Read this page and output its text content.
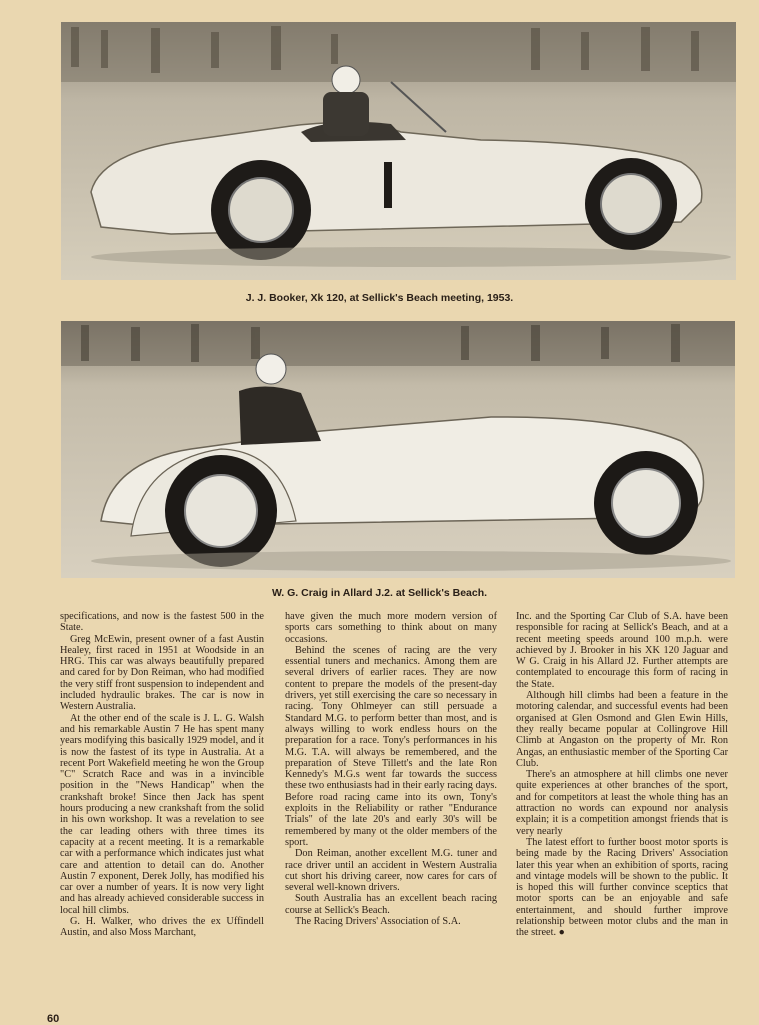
J. J. Booker, Xk 120, at Sellick's Beach meeting, 1953.
W. G. Craig in Allard J.2. at Sellick's Beach.

specifications, and now is the fastest 500 in the State.

Greg McEwin, present owner of a fast Austin Healey, first raced in 1951 at Woodside in an HRG. This car was always beautifully prepared and cared for by Don Reiman, who had modified the very stiff front suspension to independent and included hydraulic brakes. The car is now in Western Australia.

At the other end of the scale is J. L. G. Walsh and his remarkable Austin 7 He has spent many years modifying this basically 1929 model, and it is now the fastest of its type in Australia. At a recent Port Wakefield meeting he won the Group "C" Scratch Race and was in a invincible position in the "News Handicap" when the crankshaft broke! Since then Jack has spent hours producing a new crankshaft from the solid in his own workshop. It was a revelation to see the car leading others with three times its capacity at a recent meeting. It is a remarkable car with a performance which indicates just what care and attention to detail can do. Another Austin 7 exponent, Derek Jolly, has modified his car over a number of years. It is now very light and has already achieved considerable success in local hill climbs.

G. H. Walker, who drives the ex Uffindell Austin, and also Moss Marchant,

have given the much more modern version of sports cars something to think about on many occasions.

Behind the scenes of racing are the very essential tuners and mechanics. Among them are several drivers of earlier races. They are now content to prepare the models of the present-day drivers, yet still exercising the care so necessary in racing. Tony Ohlmeyer can still persuade a Standard M.G. to perform better than most, and is always willing to work endless hours on the preparation for a race. Tony's performances in his M.G. T.A. will always be remembered, and the preparation of Steve Tillett's and the late Ron Kennedy's M.G.s went far towards the success these two enthusiasts had in their early racing days. Before road racing came into its own, Tony's exploits in the Reliability or rather "Endurance Trials" of the late 20's and early 30's will be remembered by many ot the older members of the sport.

Don Reiman, another excellent M.G. tuner and race driver until an accident in Western Australia cut short his driving career, now cares for cars of several well-known drivers.

South Australia has an excellent beach racing course at Sellick's Beach.

The Racing Drivers' Association of S.A.

Inc. and the Sporting Car Club of S.A. have been responsible for racing at Sellick's Beach, and at a recent meeting speeds around 100 m.p.h. were achieved by J. Brooker in his XK 120 Jaguar and W G. Craig in his Allard J2. Further attempts are contemplated to encourage this form of racing in the State.

Although hill climbs had been a feature in the motoring calendar, and successful events had been organised at Glen Osmond and Glen Ewin Hills, they really became popular at Collingrove Hill Climb at Angaston on the property of Mr. Ron Angas, an enthusiastic member of the Sporting Car Club.

There's an atmosphere at hill climbs one never quite experiences at other branches of the sport, and for competitors at least the whole thing has an attraction no words can expound nor analysis explain; it is a competition amongst friends that is very nearly

The latest effort to further boost motor sports is being made by the Racing Drivers' Association later this year when an exhibition of sports, racing and vintage models will be shown to the public. It is hoped this will further convince sceptics that motor sports can be an enjoyable and safe entertainment, and should further improve relationship between motor clubs and the man in the street. ●

60
